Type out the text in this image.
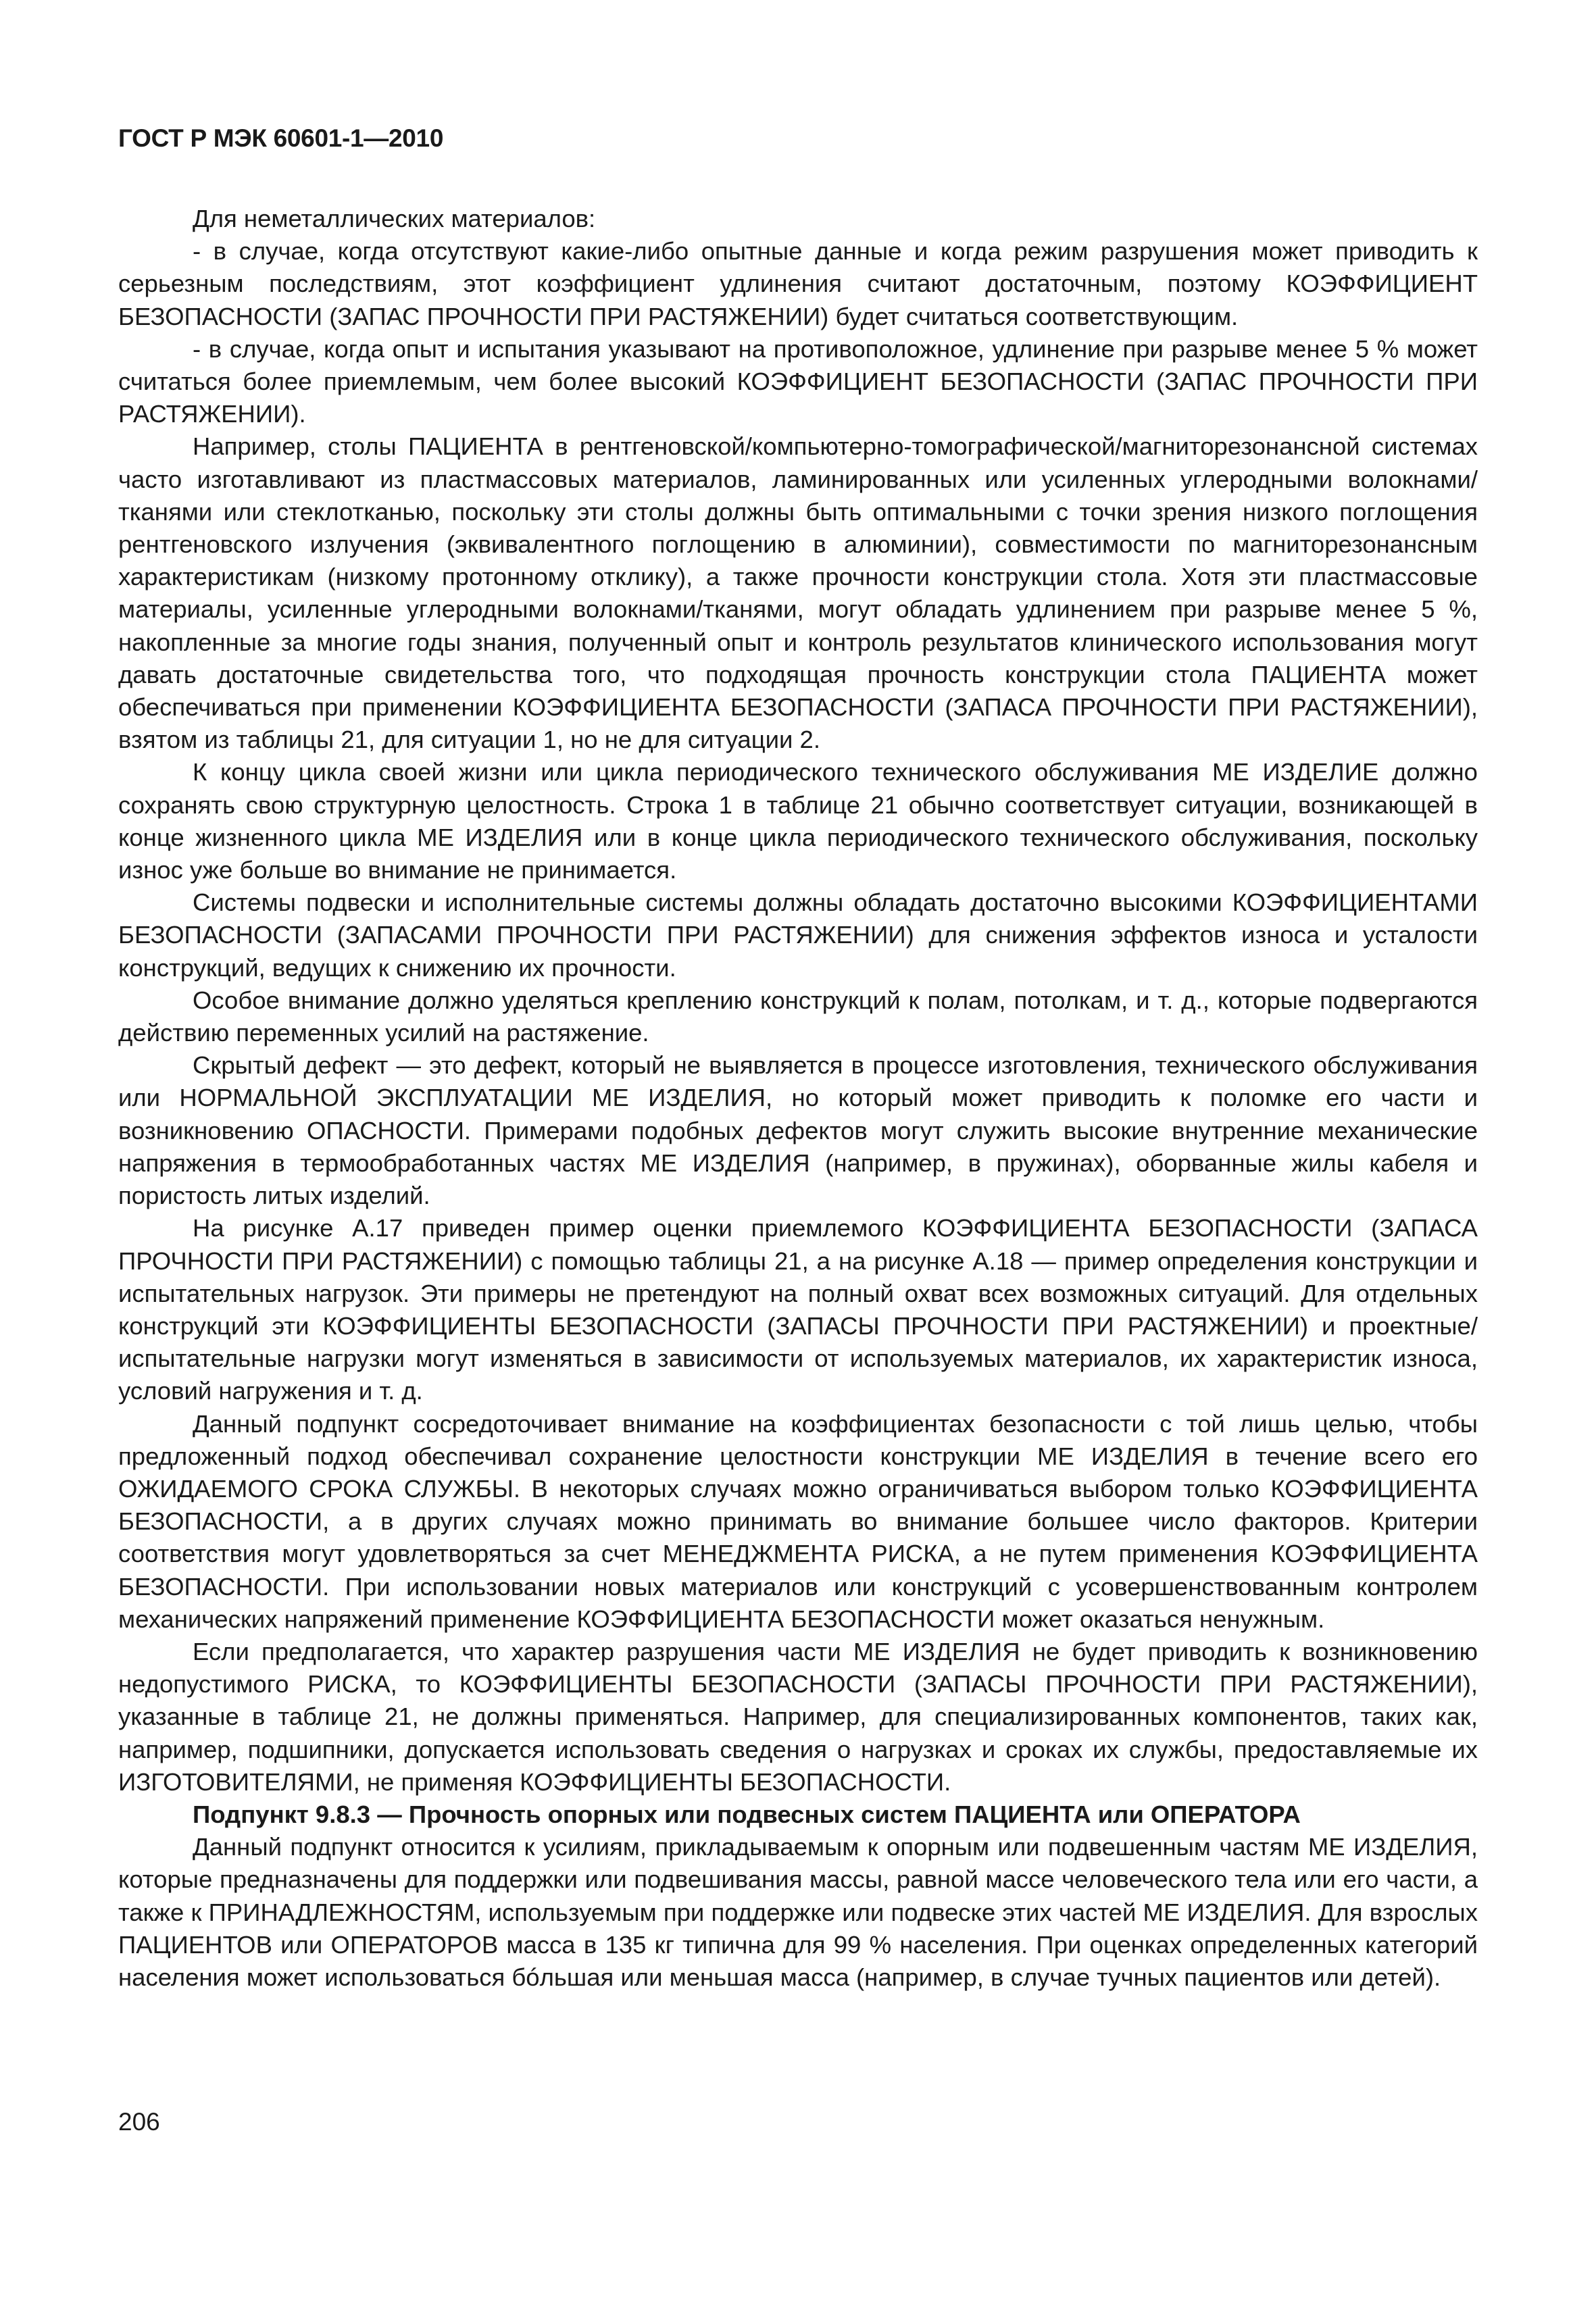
ГОСТ Р МЭК 60601-1—2010

Для неметаллических материалов:

- в случае, когда отсутствуют какие-либо опытные данные и когда режим разрушения может приводить к серьезным последствиям, этот коэффициент удлинения считают достаточным, поэтому КОЭФФИЦИЕНТ БЕЗОПАСНОСТИ (ЗАПАС ПРОЧНОСТИ ПРИ РАСТЯЖЕНИИ) будет считаться соответствующим.

- в случае, когда опыт и испытания указывают на противоположное, удлинение при разрыве менее 5 % может считаться более приемлемым, чем более высокий КОЭФФИЦИЕНТ БЕЗОПАСНОСТИ (ЗАПАС ПРОЧНОСТИ ПРИ РАСТЯЖЕНИИ).

Например, столы ПАЦИЕНТА в рентгеновской/компьютерно-томографической/магниторезонансной системах часто изготавливают из пластмассовых материалов, ламинированных или усиленных углеродными волокнами/тканями или стеклотканью, поскольку эти столы должны быть оптимальными с точки зрения низкого поглощения рентгеновского излучения (эквивалентного поглощению в алюминии), совместимости по магниторезонансным характеристикам (низкому протонному отклику), а также прочности конструкции стола. Хотя эти пластмассовые материалы, усиленные углеродными волокнами/тканями, могут обладать удлинением при разрыве менее 5 %, накопленные за многие годы знания, полученный опыт и контроль результатов клинического использования могут давать достаточные свидетельства того, что подходящая прочность конструкции стола ПАЦИЕНТА может обеспечиваться при применении КОЭФФИЦИЕНТА БЕЗОПАСНОСТИ (ЗАПАСА ПРОЧНОСТИ ПРИ РАСТЯЖЕНИИ), взятом из таблицы 21, для ситуации 1, но не для ситуации 2.

К концу цикла своей жизни или цикла периодического технического обслуживания МЕ ИЗДЕЛИЕ должно сохранять свою структурную целостность. Строка 1 в таблице 21 обычно соответствует ситуации, возникающей в конце жизненного цикла МЕ ИЗДЕЛИЯ или в конце цикла периодического технического обслуживания, поскольку износ уже больше во внимание не принимается.

Системы подвески и исполнительные системы должны обладать достаточно высокими КОЭФФИЦИЕНТАМИ БЕЗОПАСНОСТИ (ЗАПАСАМИ ПРОЧНОСТИ ПРИ РАСТЯЖЕНИИ) для снижения эффектов износа и усталости конструкций, ведущих к снижению их прочности.

Особое внимание должно уделяться креплению конструкций к полам, потолкам, и т. д., которые подвергаются действию переменных усилий на растяжение.

Скрытый дефект — это дефект, который не выявляется в процессе изготовления, технического обслуживания или НОРМАЛЬНОЙ ЭКСПЛУАТАЦИИ МЕ ИЗДЕЛИЯ, но который может приводить к поломке его части и возникновению ОПАСНОСТИ. Примерами подобных дефектов могут служить высокие внутренние механические напряжения в термообработанных частях МЕ ИЗДЕЛИЯ (например, в пружинах), оборванные жилы кабеля и пористость литых изделий.

На рисунке А.17 приведен пример оценки приемлемого КОЭФФИЦИЕНТА БЕЗОПАСНОСТИ (ЗАПАСА ПРОЧНОСТИ ПРИ РАСТЯЖЕНИИ) с помощью таблицы 21, а на рисунке А.18 — пример определения конструкции и испытательных нагрузок. Эти примеры не претендуют на полный охват всех возможных ситуаций. Для отдельных конструкций эти КОЭФФИЦИЕНТЫ БЕЗОПАСНОСТИ (ЗАПАСЫ ПРОЧНОСТИ ПРИ РАСТЯЖЕНИИ) и проектные/испытательные нагрузки могут изменяться в зависимости от используемых материалов, их характеристик износа, условий нагружения и т. д.

Данный подпункт сосредоточивает внимание на коэффициентах безопасности с той лишь целью, чтобы предложенный подход обеспечивал сохранение целостности конструкции МЕ ИЗДЕЛИЯ в течение всего его ОЖИДАЕМОГО СРОКА СЛУЖБЫ. В некоторых случаях можно ограничиваться выбором только КОЭФФИЦИЕНТА БЕЗОПАСНОСТИ, а в других случаях можно принимать во внимание большее число факторов. Критерии соответствия могут удовлетворяться за счет МЕНЕДЖМЕНТА РИСКА, а не путем применения КОЭФФИЦИЕНТА БЕЗОПАСНОСТИ. При использовании новых материалов или конструкций с усовершенствованным контролем механических напряжений применение КОЭФФИЦИЕНТА БЕЗОПАСНОСТИ может оказаться ненужным.

Если предполагается, что характер разрушения части МЕ ИЗДЕЛИЯ не будет приводить к возникновению недопустимого РИСКА, то КОЭФФИЦИЕНТЫ БЕЗОПАСНОСТИ (ЗАПАСЫ ПРОЧНОСТИ ПРИ РАСТЯЖЕНИИ), указанные в таблице 21, не должны применяться. Например, для специализированных компонентов, таких как, например, подшипники, допускается использовать сведения о нагрузках и сроках их службы, предоставляемые их ИЗГОТОВИТЕЛЯМИ, не применяя КОЭФФИЦИЕНТЫ БЕЗОПАСНОСТИ.

Подпункт 9.8.3 — Прочность опорных или подвесных систем ПАЦИЕНТА или ОПЕРАТОРА

Данный подпункт относится к усилиям, прикладываемым к опорным или подвешенным частям МЕ ИЗДЕЛИЯ, которые предназначены для поддержки или подвешивания массы, равной массе человеческого тела или его части, а также к ПРИНАДЛЕЖНОСТЯМ, используемым при поддержке или подвеске этих частей МЕ ИЗДЕЛИЯ. Для взрослых ПАЦИЕНТОВ или ОПЕРАТОРОВ масса в 135 кг типична для 99 % населения. При оценках определенных категорий населения может использоваться бóльшая или меньшая масса (например, в случае тучных пациентов или детей).

206
